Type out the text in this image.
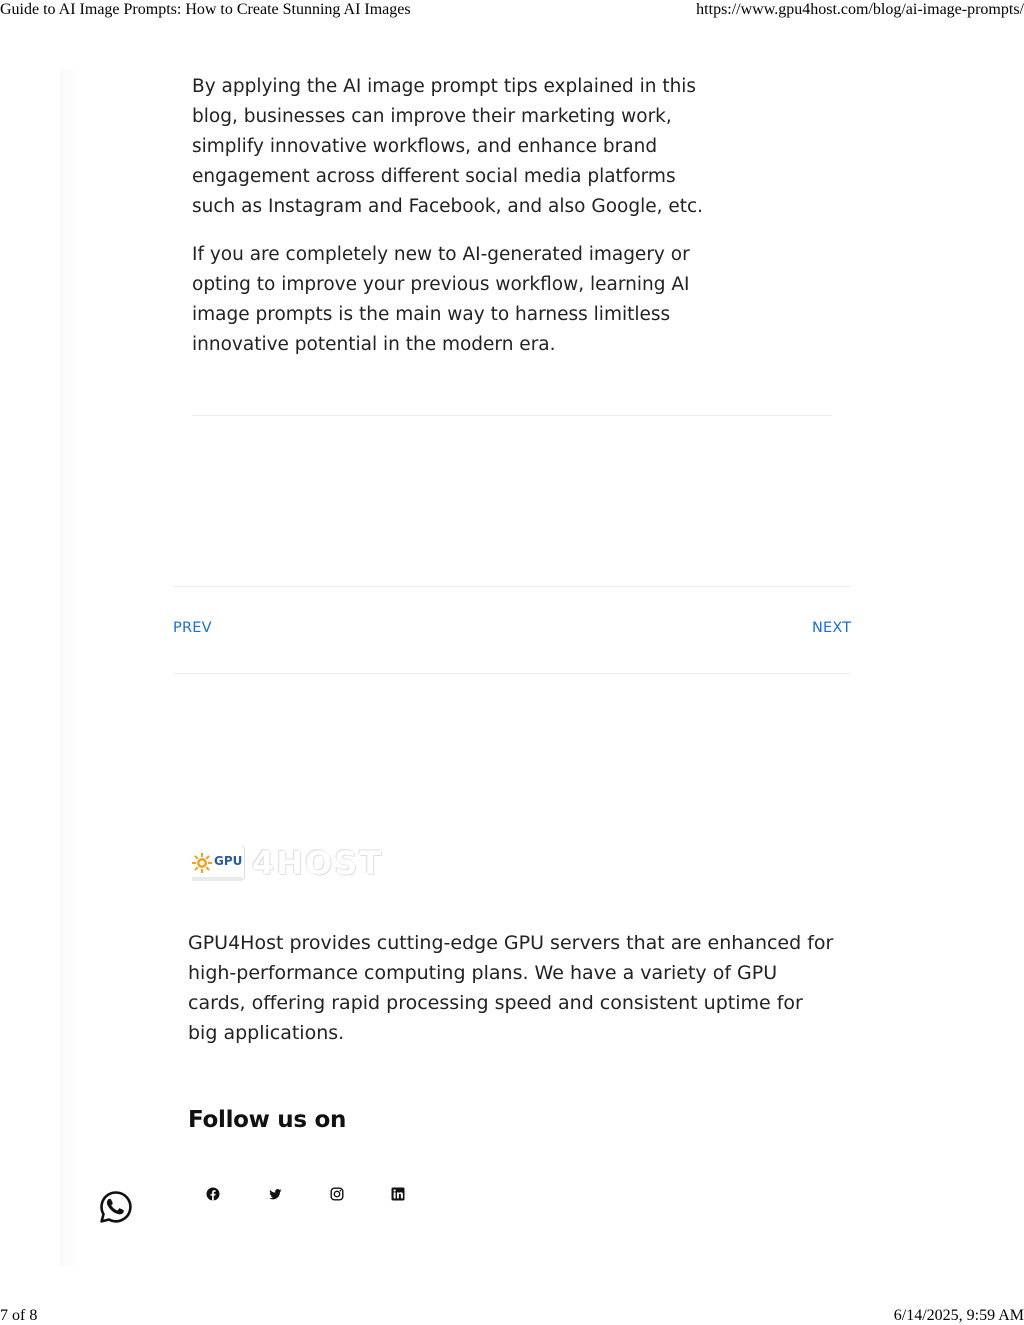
Guide to AI Image Prompts: How to Create Stunning AI Images	https://www.gpu4host.com/blog/ai-image-prompts/

By applying the AI image prompt tips explained in this blog, businesses can improve their marketing work, simplify innovative workflows, and enhance brand engagement across different social media platforms such as Instagram and Facebook, and also Google, etc.

If you are completely new to AI-generated imagery or opting to improve your previous workflow, learning AI image prompts is the main way to harness limitless innovative potential in the modern era.

PREV	NEXT
GPU 4HOST

GPU4Host provides cutting-edge GPU servers that are enhanced for high-performance computing plans. We have a variety of GPU cards, offering rapid processing speed and consistent uptime for big applications.

Follow us on
7 of 8	6/14/2025, 9:59 AM
